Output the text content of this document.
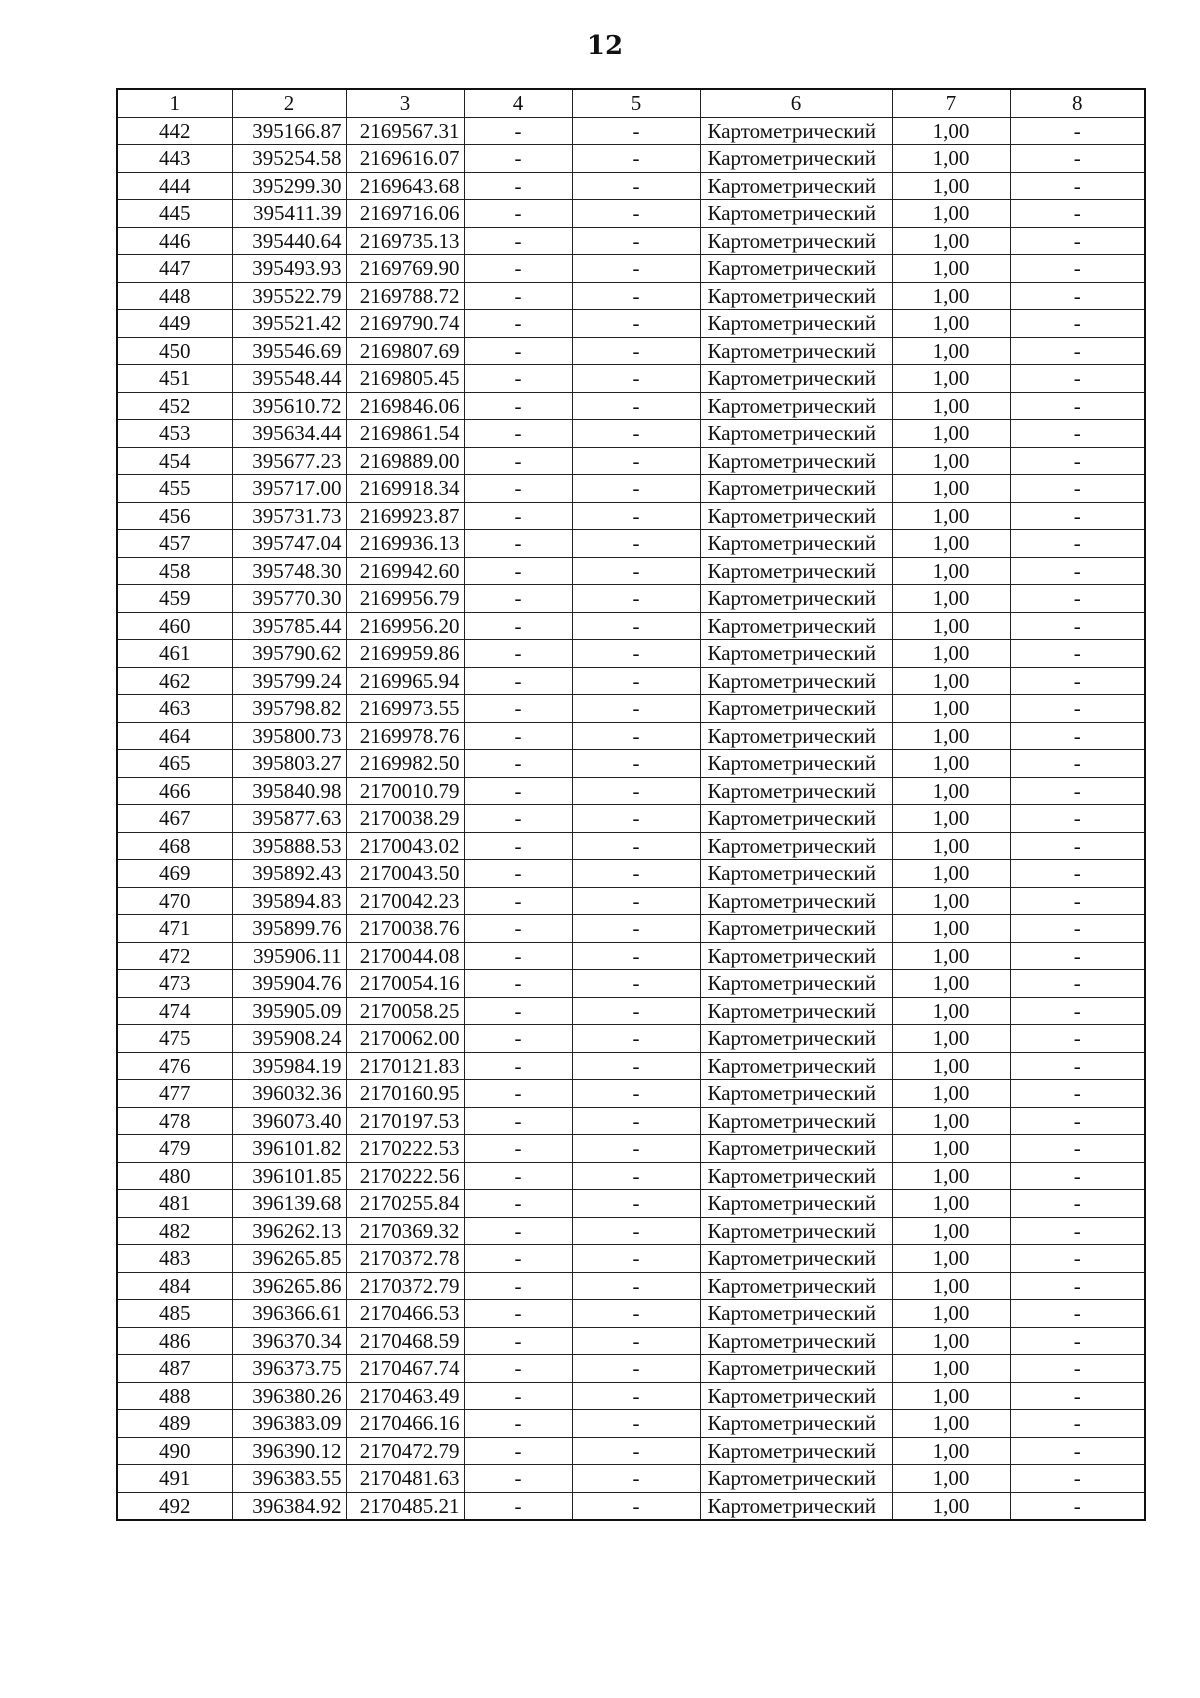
12
1	2	3	4	5	6	7	8
442	395166.87	2169567.31	-	-	Картометрический	1,00	-
443	395254.58	2169616.07	-	-	Картометрический	1,00	-
444	395299.30	2169643.68	-	-	Картометрический	1,00	-
445	395411.39	2169716.06	-	-	Картометрический	1,00	-
446	395440.64	2169735.13	-	-	Картометрический	1,00	-
447	395493.93	2169769.90	-	-	Картометрический	1,00	-
448	395522.79	2169788.72	-	-	Картометрический	1,00	-
449	395521.42	2169790.74	-	-	Картометрический	1,00	-
450	395546.69	2169807.69	-	-	Картометрический	1,00	-
451	395548.44	2169805.45	-	-	Картометрический	1,00	-
452	395610.72	2169846.06	-	-	Картометрический	1,00	-
453	395634.44	2169861.54	-	-	Картометрический	1,00	-
454	395677.23	2169889.00	-	-	Картометрический	1,00	-
455	395717.00	2169918.34	-	-	Картометрический	1,00	-
456	395731.73	2169923.87	-	-	Картометрический	1,00	-
457	395747.04	2169936.13	-	-	Картометрический	1,00	-
458	395748.30	2169942.60	-	-	Картометрический	1,00	-
459	395770.30	2169956.79	-	-	Картометрический	1,00	-
460	395785.44	2169956.20	-	-	Картометрический	1,00	-
461	395790.62	2169959.86	-	-	Картометрический	1,00	-
462	395799.24	2169965.94	-	-	Картометрический	1,00	-
463	395798.82	2169973.55	-	-	Картометрический	1,00	-
464	395800.73	2169978.76	-	-	Картометрический	1,00	-
465	395803.27	2169982.50	-	-	Картометрический	1,00	-
466	395840.98	2170010.79	-	-	Картометрический	1,00	-
467	395877.63	2170038.29	-	-	Картометрический	1,00	-
468	395888.53	2170043.02	-	-	Картометрический	1,00	-
469	395892.43	2170043.50	-	-	Картометрический	1,00	-
470	395894.83	2170042.23	-	-	Картометрический	1,00	-
471	395899.76	2170038.76	-	-	Картометрический	1,00	-
472	395906.11	2170044.08	-	-	Картометрический	1,00	-
473	395904.76	2170054.16	-	-	Картометрический	1,00	-
474	395905.09	2170058.25	-	-	Картометрический	1,00	-
475	395908.24	2170062.00	-	-	Картометрический	1,00	-
476	395984.19	2170121.83	-	-	Картометрический	1,00	-
477	396032.36	2170160.95	-	-	Картометрический	1,00	-
478	396073.40	2170197.53	-	-	Картометрический	1,00	-
479	396101.82	2170222.53	-	-	Картометрический	1,00	-
480	396101.85	2170222.56	-	-	Картометрический	1,00	-
481	396139.68	2170255.84	-	-	Картометрический	1,00	-
482	396262.13	2170369.32	-	-	Картометрический	1,00	-
483	396265.85	2170372.78	-	-	Картометрический	1,00	-
484	396265.86	2170372.79	-	-	Картометрический	1,00	-
485	396366.61	2170466.53	-	-	Картометрический	1,00	-
486	396370.34	2170468.59	-	-	Картометрический	1,00	-
487	396373.75	2170467.74	-	-	Картометрический	1,00	-
488	396380.26	2170463.49	-	-	Картометрический	1,00	-
489	396383.09	2170466.16	-	-	Картометрический	1,00	-
490	396390.12	2170472.79	-	-	Картометрический	1,00	-
491	396383.55	2170481.63	-	-	Картометрический	1,00	-
492	396384.92	2170485.21	-	-	Картометрический	1,00	-
